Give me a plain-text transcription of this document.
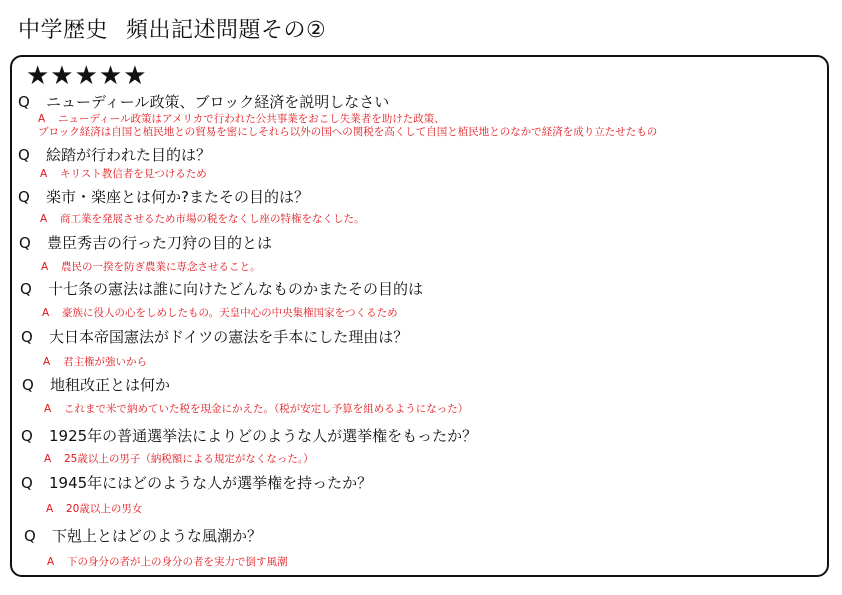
中学歴史 頻出記述問題その②
★★★★★
Q ニューディール政策、ブロック経済を説明しなさい
A ニューディール政策はアメリカで行われた公共事業をおこし失業者を助けた政策、
ブロック経済は自国と植民地との貿易を密にしそれら以外の国への関税を高くして自国と植民地とのなかで経済を成り立たせたもの
Q 絵踏が行われた目的は？
A キリスト教信者を見つけるため
Q 楽市・楽座とは何か?またその目的は？
A 商工業を発展させるため市場の税をなくし座の特権をなくした。
Q 豊臣秀吉の行った刀狩の目的とは
A 農民の一揆を防ぎ農業に専念させること。
Q 十七条の憲法は誰に向けたどんなものかまたその目的は
A 豪族に役人の心をしめしたもの。天皇中心の中央集権国家をつくるため
Q 大日本帝国憲法がドイツの憲法を手本にした理由は？
A 君主権が強いから
Q 地租改正とは何か
A これまで米で納めていた税を現金にかえた。（税が安定し予算を組めるようになった）
Q 1925年の普通選挙法によりどのような人が選挙権をもったか？
A 25歳以上の男子（納税額による規定がなくなった。）
Q 1945年にはどのような人が選挙権を持ったか？
A 20歳以上の男女
Q 下剋上とはどのような風潮か？
A 下の身分の者が上の身分の者を実力で倒す風潮
